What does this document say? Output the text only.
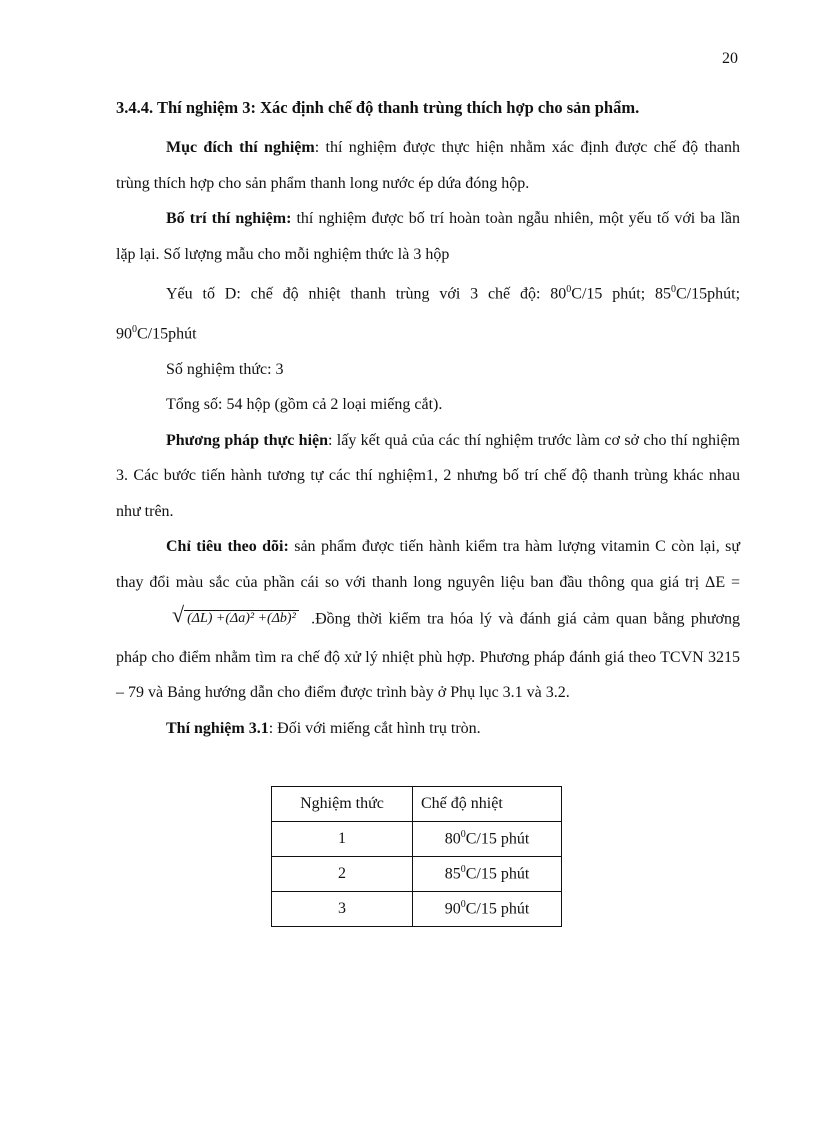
20

3.4.4. Thí nghiệm 3: Xác định chế độ thanh trùng thích hợp cho sản phẩm.

Mục đích thí nghiệm: thí nghiệm được thực hiện nhằm xác định được chế độ thanh trùng thích hợp cho sản phẩm thanh long nước ép dứa đóng hộp.

Bố trí thí nghiệm: thí nghiệm được bố trí hoàn toàn ngẫu nhiên, một yếu tố với ba lần lặp lại. Số lượng mẫu cho mỗi nghiệm thức là 3 hộp

Yếu tố D: chế độ nhiệt thanh trùng với 3 chế độ: $80^0C/15$ phút; $85^0C/15phút$; $90^0C/15phút$

Số nghiệm thức: 3

Tổng số: 54 hộp (gồm cả 2 loại miếng cắt).

Phương pháp thực hiện: lấy kết quả của các thí nghiệm trước làm cơ sở cho thí nghiệm 3. Các bước tiến hành tương tự các thí nghiệm1, 2 nhưng bố trí chế độ thanh trùng khác nhau như trên.

Chỉ tiêu theo dõi: sản phẩm được tiến hành kiểm tra hàm lượng vitamin C còn lại, sự thay đổi màu sắc của phần cái so với thanh long nguyên liệu ban đầu thông qua giá trị ΔE = √ (ΔL) +(Δa)² +(Δb)² .Đồng thời kiểm tra hóa lý và đánh giá cảm quan bằng phương pháp cho điểm nhằm tìm ra chế độ xử lý nhiệt phù hợp. Phương pháp đánh giá theo TCVN 3215 – 79 và Bảng hướng dẫn cho điểm được trình bày ở Phụ lục 3.1 và 3.2.

Thí nghiệm 3.1: Đối với miếng cắt hình trụ tròn.

Nghiệm thức	Chế độ nhiệt
1	$80^0C/15$ phút
2	$85^0C/15$ phút
3	$90^0C/15$ phút
